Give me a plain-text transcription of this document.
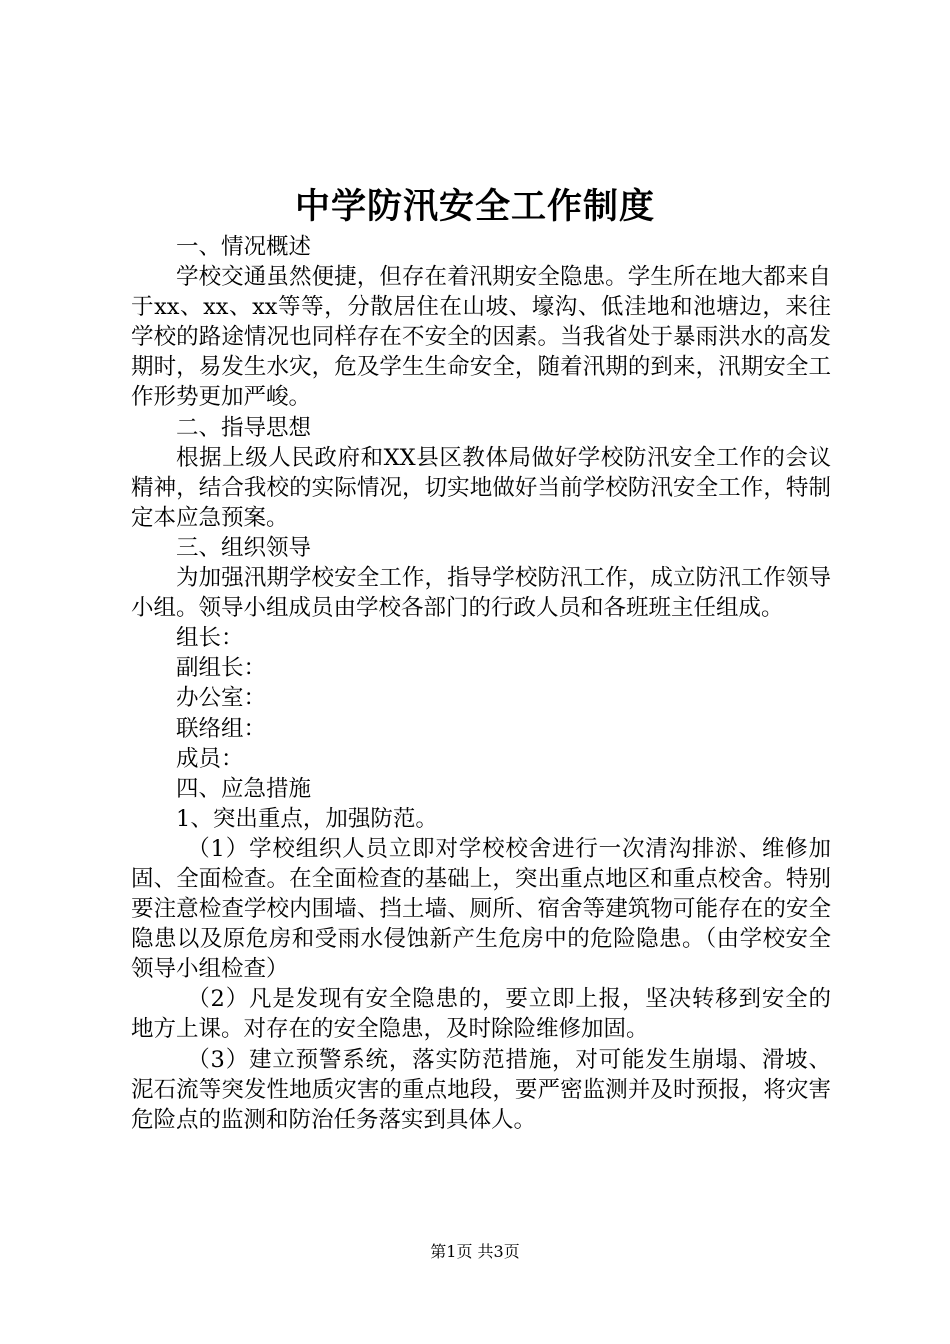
中学防汛安全工作制度

一、情况概述

学校交通虽然便捷，但存在着汛期安全隐患。学生所在地大都来自于xx、xx、xx等等，分散居住在山坡、壕沟、低洼地和池塘边，来往学校的路途情况也同样存在不安全的因素。当我省处于暴雨洪水的高发期时，易发生水灾，危及学生生命安全，随着汛期的到来，汛期安全工作形势更加严峻。

二、指导思想

根据上级人民政府和XX县区教体局做好学校防汛安全工作的会议精神，结合我校的实际情况，切实地做好当前学校防汛安全工作，特制定本应急预案。

三、组织领导

为加强汛期学校安全工作，指导学校防汛工作，成立防汛工作领导小组。领导小组成员由学校各部门的行政人员和各班班主任组成。

组长：

副组长：

办公室：

联络组：

成员：

四、应急措施

1、突出重点，加强防范。

（1）学校组织人员立即对学校校舍进行一次清沟排淤、维修加固、全面检查。在全面检查的基础上，突出重点地区和重点校舍。特别要注意检查学校内围墙、挡土墙、厕所、宿舍等建筑物可能存在的安全隐患以及原危房和受雨水侵蚀新产生危房中的危险隐患。（由学校安全领导小组检查）

（2）凡是发现有安全隐患的，要立即上报，坚决转移到安全的地方上课。对存在的安全隐患，及时除险维修加固。

（3）建立预警系统，落实防范措施，对可能发生崩塌、滑坡、泥石流等突发性地质灾害的重点地段，要严密监测并及时预报，将灾害危险点的监测和防治任务落实到具体人。

第1页 共3页
